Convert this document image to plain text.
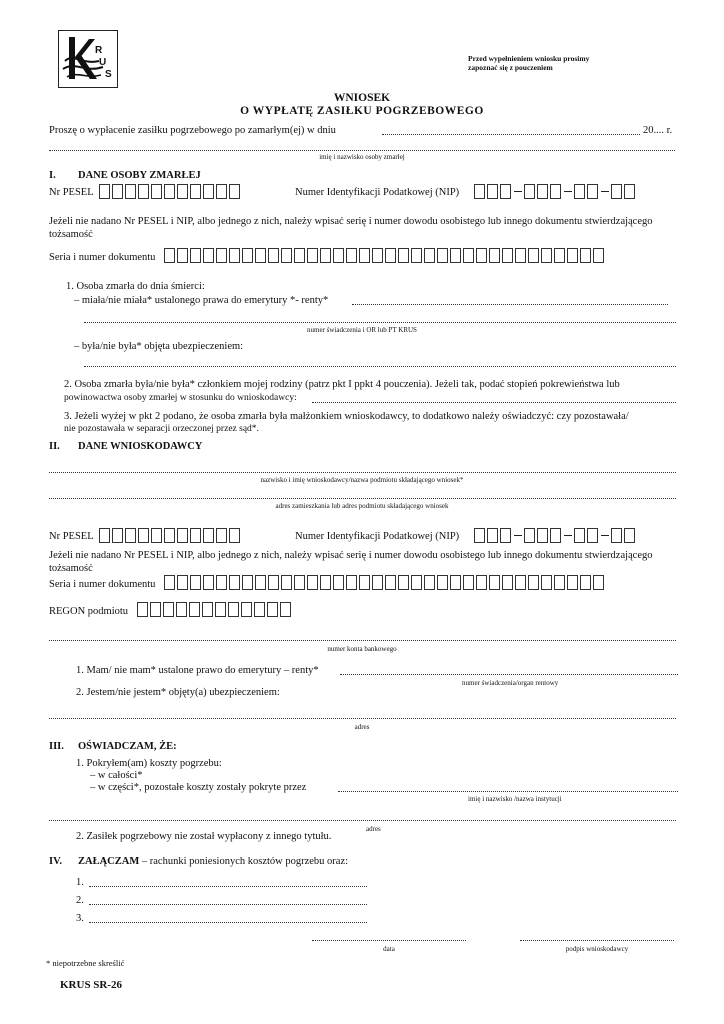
R
U
S
Przed wypełnieniem wniosku prosimy
zapoznać się z pouczeniem
WNIOSEK
O WYPŁATĘ ZASIŁKU POGRZEBOWEGO
Proszę o wypłacenie zasiłku pogrzebowego po zamarłym(ej) w dniu	20.... r.
imię i nazwisko osoby zmarłej
I. DANE OSOBY ZMARŁEJ
Nr PESEL	Numer Identyfikacji Podatkowej (NIP)
Jeżeli nie nadano Nr PESEL i NIP, albo jednego z nich, należy wpisać serię i numer dowodu osobistego lub innego dokumentu stwierdzającego
tożsamość
Seria i numer dokumentu
1. Osoba zmarła do dnia śmierci:
– miała/nie miała* ustalonego prawa do emerytury *- renty*
numer świadczenia i OR lub PT KRUS
– była/nie była* objęta ubezpieczeniem:
2. Osoba zmarła była/nie była* członkiem mojej rodziny (patrz pkt I ppkt 4 pouczenia). Jeżeli tak, podać stopień pokrewieństwa lub
powinowactwa osoby zmarłej w stosunku do wnioskodawcy:
3. Jeżeli wyżej w pkt 2 podano, że osoba zmarła była małżonkiem wnioskodawcy, to dodatkowo należy oświadczyć: czy pozostawała/
nie pozostawała w separacji orzeczonej przez sąd*.
II. DANE WNIOSKODAWCY
nazwisko i imię wnioskodawcy/nazwa podmiotu składającego wniosek*
adres zamieszkania lub adres podmiotu składającego wniosek
Nr PESEL	Numer Identyfikacji Podatkowej (NIP)
Jeżeli nie nadano Nr PESEL i NIP, albo jednego z nich, należy wpisać serię i numer dowodu osobistego lub innego dokumentu stwierdzającego
tożsamość
Seria i numer dokumentu
REGON podmiotu
numer konta bankowego
1. Mam/ nie mam* ustalone prawo do emerytury – renty*
numer świadczenia/organ rentowy
2. Jestem/nie jestem* objęty(a) ubezpieczeniem:
adres
III. OŚWIADCZAM, ŻE:
1. Pokryłem(am) koszty pogrzebu:
– w całości*
– w części*, pozostałe koszty zostały pokryte przez
imię i nazwisko /nazwa instytucji
adres
2. Zasiłek pogrzebowy nie został wypłacony z innego tytułu.
IV. ZAŁĄCZAM – rachunki poniesionych kosztów pogrzebu oraz:
1.
2.
3.
data	podpis wnioskodawcy
* niepotrzebne skreślić
KRUS SR-26
